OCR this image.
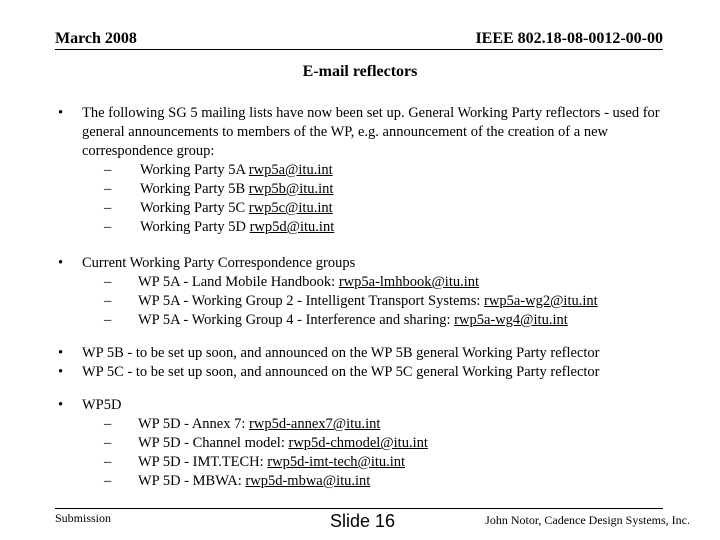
March 2008	IEEE 802.18-08-0012-00-00
E-mail reflectors
• The following SG 5 mailing lists have now been set up. General Working Party reflectors - used for general announcements to members of the WP, e.g. announcement of the creation of a new correspondence group:

– Working Party 5A rwp5a@itu.int
– Working Party 5B rwp5b@itu.int
– Working Party 5C rwp5c@itu.int
– Working Party 5D rwp5d@itu.int
• Current Working Party Correspondence groups

– WP 5A - Land Mobile Handbook: rwp5a-lmhbook@itu.int
– WP 5A - Working Group 2 - Intelligent Transport Systems: rwp5a-wg2@itu.int
– WP 5A - Working Group 4 - Interference and sharing: rwp5a-wg4@itu.int
• WP 5B - to be set up soon, and announced on the WP 5B general Working Party reflector

• WP 5C - to be set up soon, and announced on the WP 5C general Working Party reflector

• WP5D

– WP 5D - Annex 7: rwp5d-annex7@itu.int
– WP 5D - Channel model: rwp5d-chmodel@itu.int
– WP 5D - IMT.TECH: rwp5d-imt-tech@itu.int
– WP 5D - MBWA: rwp5d-mbwa@itu.int
Submission	Slide 16	John Notor, Cadence Design Systems, Inc.
